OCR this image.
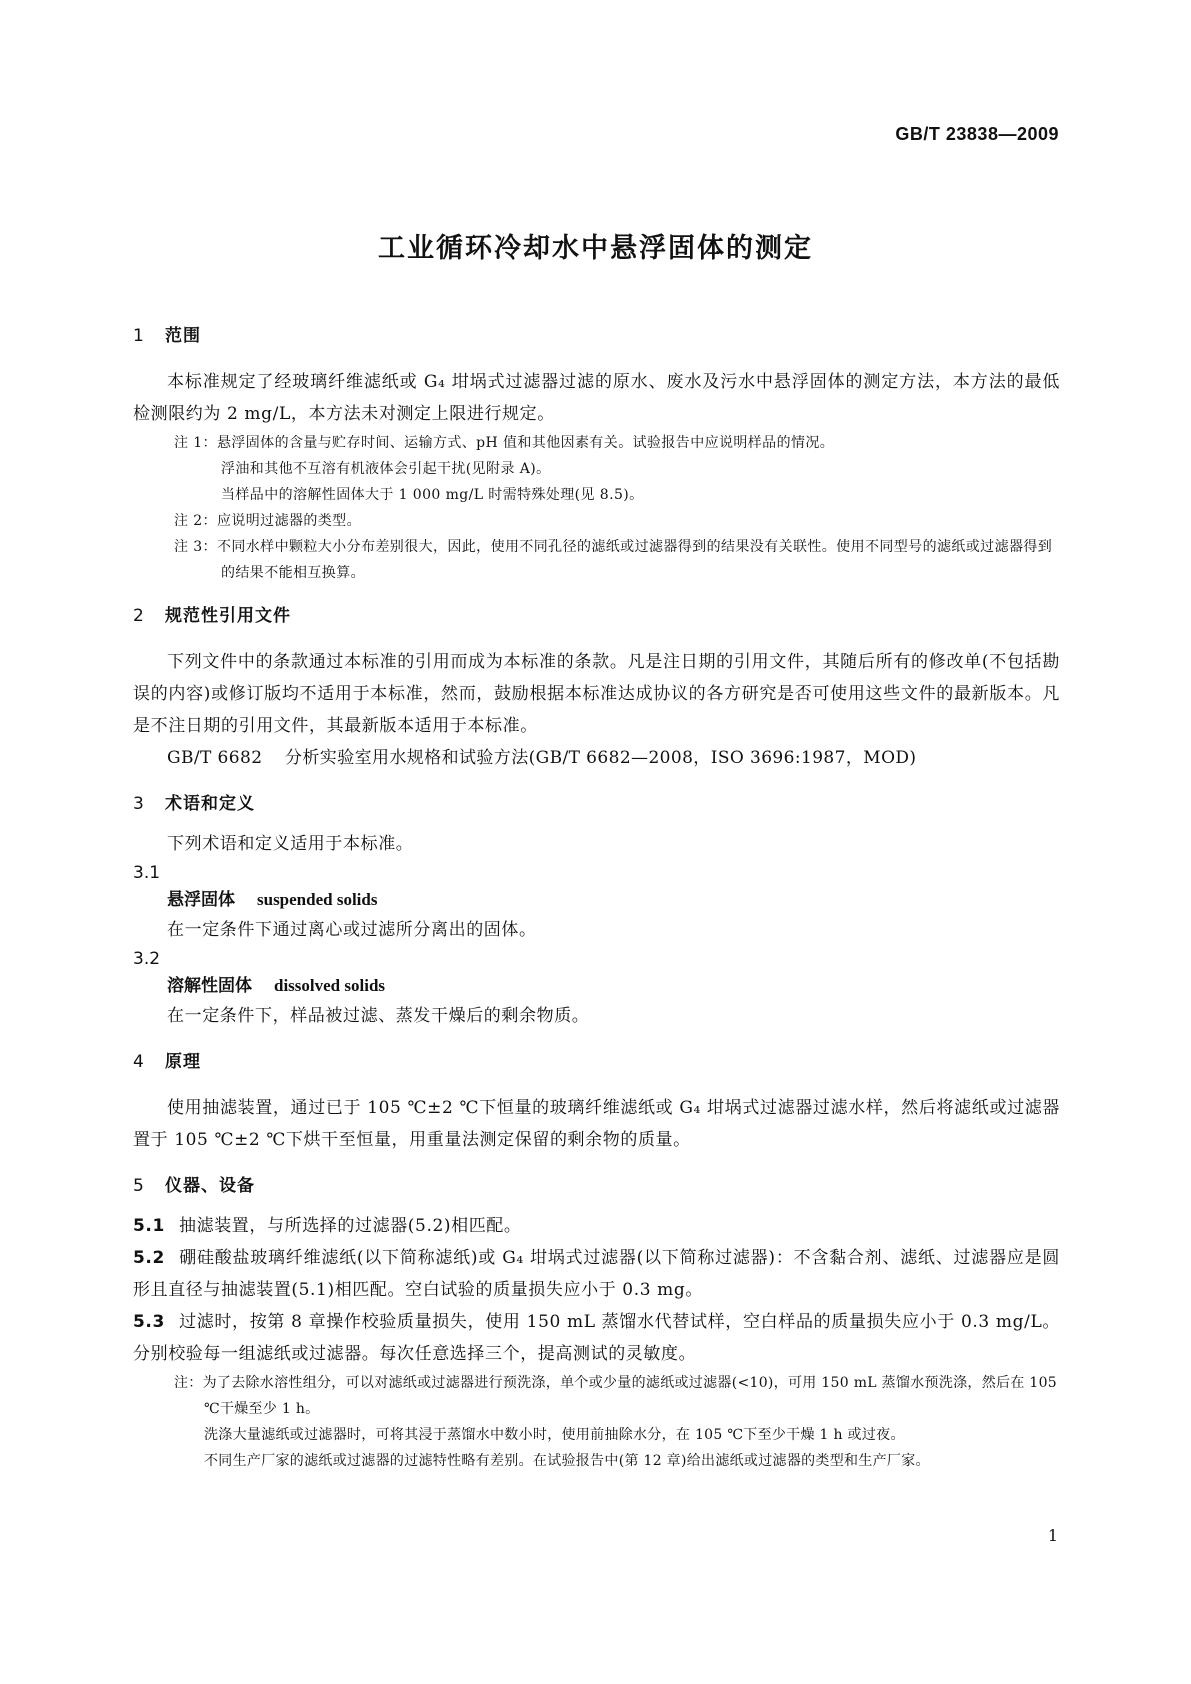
GB/T 23838—2009
工业循环冷却水中悬浮固体的测定
1 范围

本标准规定了经玻璃纤维滤纸或 G₄ 坩埚式过滤器过滤的原水、废水及污水中悬浮固体的测定方法，本方法的最低检测限约为 2 mg/L，本方法未对测定上限进行规定。

注 1：悬浮固体的含量与贮存时间、运输方式、pH 值和其他因素有关。试验报告中应说明样品的情况。

浮油和其他不互溶有机液体会引起干扰(见附录 A)。

当样品中的溶解性固体大于 1 000 mg/L 时需特殊处理(见 8.5)。

注 2：应说明过滤器的类型。

注 3：不同水样中颗粒大小分布差别很大，因此，使用不同孔径的滤纸或过滤器得到的结果没有关联性。使用不同型号的滤纸或过滤器得到的结果不能相互换算。

2 规范性引用文件

下列文件中的条款通过本标准的引用而成为本标准的条款。凡是注日期的引用文件，其随后所有的修改单(不包括勘误的内容)或修订版均不适用于本标准，然而，鼓励根据本标准达成协议的各方研究是否可使用这些文件的最新版本。凡是不注日期的引用文件，其最新版本适用于本标准。

GB/T 6682 分析实验室用水规格和试验方法(GB/T 6682—2008，ISO 3696:1987，MOD)

3 术语和定义

下列术语和定义适用于本标准。

3.1

悬浮固体 suspended solids

在一定条件下通过离心或过滤所分离出的固体。

3.2

溶解性固体 dissolved solids

在一定条件下，样品被过滤、蒸发干燥后的剩余物质。

4 原理

使用抽滤装置，通过已于 105 ℃±2 ℃下恒量的玻璃纤维滤纸或 G₄ 坩埚式过滤器过滤水样，然后将滤纸或过滤器置于 105 ℃±2 ℃下烘干至恒量，用重量法测定保留的剩余物的质量。

5 仪器、设备

5.1 抽滤装置，与所选择的过滤器(5.2)相匹配。

5.2 硼硅酸盐玻璃纤维滤纸(以下简称滤纸)或 G₄ 坩埚式过滤器(以下简称过滤器)：不含黏合剂、滤纸、过滤器应是圆形且直径与抽滤装置(5.1)相匹配。空白试验的质量损失应小于 0.3 mg。

5.3 过滤时，按第 8 章操作校验质量损失，使用 150 mL 蒸馏水代替试样，空白样品的质量损失应小于 0.3 mg/L。分别校验每一组滤纸或过滤器。每次任意选择三个，提高测试的灵敏度。

注：为了去除水溶性组分，可以对滤纸或过滤器进行预洗涤，单个或少量的滤纸或过滤器(<10)，可用 150 mL 蒸馏水预洗涤，然后在 105 ℃干燥至少 1 h。

洗涤大量滤纸或过滤器时，可将其浸于蒸馏水中数小时，使用前抽除水分，在 105 ℃下至少干燥 1 h 或过夜。

不同生产厂家的滤纸或过滤器的过滤特性略有差别。在试验报告中(第 12 章)给出滤纸或过滤器的类型和生产厂家。

1
